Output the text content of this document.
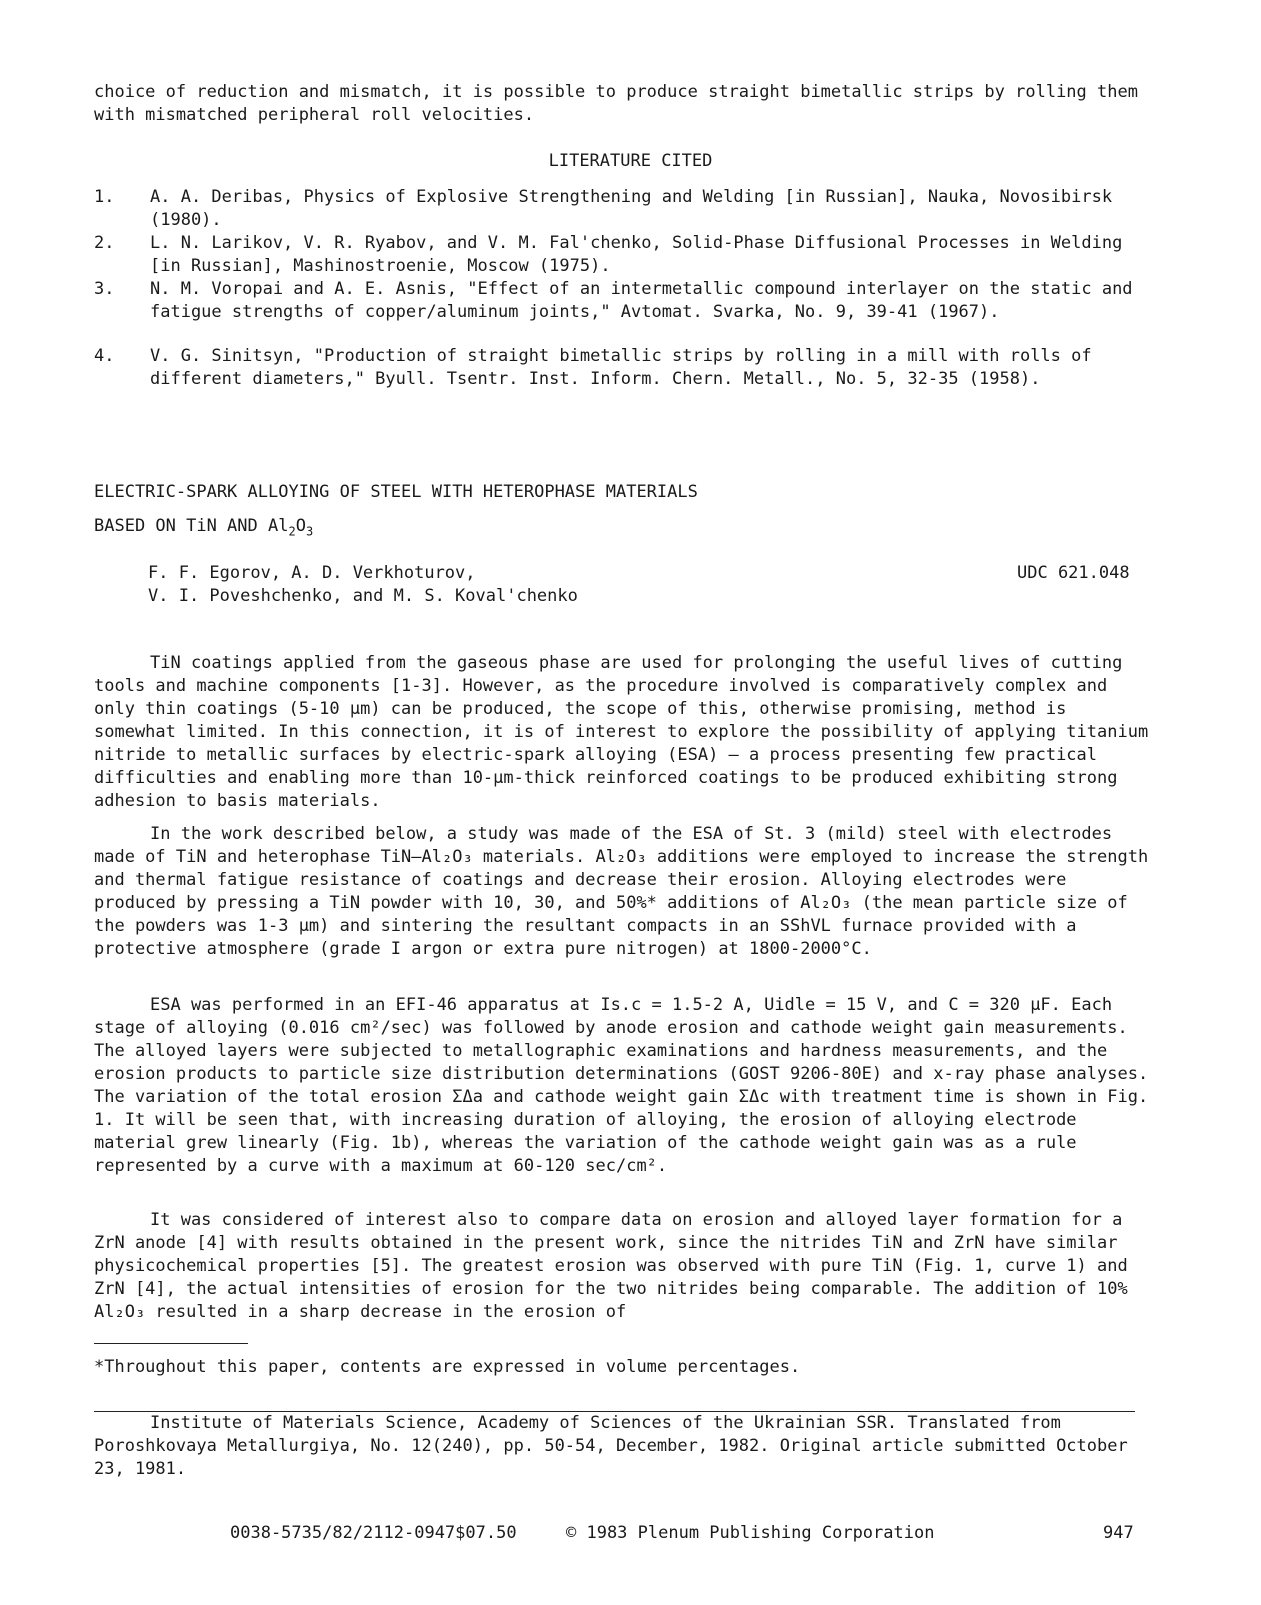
choice of reduction and mismatch, it is possible to produce straight bimetallic strips by rolling them with mismatched peripheral roll velocities.

LITERATURE CITED
1. A. A. Deribas, Physics of Explosive Strengthening and Welding [in Russian], Nauka, Novosibirsk (1980).
2. L. N. Larikov, V. R. Ryabov, and V. M. Fal'chenko, Solid-Phase Diffusional Processes in Welding [in Russian], Mashinostroenie, Moscow (1975).
3. N. M. Voropai and A. E. Asnis, "Effect of an intermetallic compound interlayer on the static and fatigue strengths of copper/aluminum joints," Avtomat. Svarka, No. 9, 39-41 (1967).
4. V. G. Sinitsyn, "Production of straight bimetallic strips by rolling in a mill with rolls of different diameters," Byull. Tsentr. Inst. Inform. Chern. Metall., No. 5, 32-35 (1958).
ELECTRIC-SPARK ALLOYING OF STEEL WITH HETEROPHASE MATERIALS
BASED ON TiN AND $Al_2O_3$
F. F. Egorov, A. D. Verkhoturov,
V. I. Poveshchenko, and M. S. Koval'chenko
UDC 621.048

TiN coatings applied from the gaseous phase are used for prolonging the useful lives of cutting tools and machine components [1-3]. However, as the procedure involved is comparatively complex and only thin coatings (5-10 μm) can be produced, the scope of this, otherwise promising, method is somewhat limited. In this connection, it is of interest to explore the possibility of applying titanium nitride to metallic surfaces by electric-spark alloying (ESA) — a process presenting few practical difficulties and enabling more than 10-μm-thick reinforced coatings to be produced exhibiting strong adhesion to basis materials.

In the work described below, a study was made of the ESA of St. 3 (mild) steel with electrodes made of TiN and heterophase TiN—Al₂O₃ materials. Al₂O₃ additions were employed to increase the strength and thermal fatigue resistance of coatings and decrease their erosion. Alloying electrodes were produced by pressing a TiN powder with 10, 30, and 50%* additions of Al₂O₃ (the mean particle size of the powders was 1-3 μm) and sintering the resultant compacts in an SShVL furnace provided with a protective atmosphere (grade I argon or extra pure nitrogen) at 1800-2000°C.

ESA was performed in an EFI-46 apparatus at Is.c = 1.5-2 A, Uidle = 15 V, and C = 320 μF. Each stage of alloying (0.016 cm²/sec) was followed by anode erosion and cathode weight gain measurements. The alloyed layers were subjected to metallographic examinations and hardness measurements, and the erosion products to particle size distribution determinations (GOST 9206-80E) and x-ray phase analyses. The variation of the total erosion ΣΔa and cathode weight gain ΣΔc with treatment time is shown in Fig. 1. It will be seen that, with increasing duration of alloying, the erosion of alloying electrode material grew linearly (Fig. 1b), whereas the variation of the cathode weight gain was as a rule represented by a curve with a maximum at 60-120 sec/cm².

It was considered of interest also to compare data on erosion and alloyed layer formation for a ZrN anode [4] with results obtained in the present work, since the nitrides TiN and ZrN have similar physicochemical properties [5]. The greatest erosion was observed with pure TiN (Fig. 1, curve 1) and ZrN [4], the actual intensities of erosion for the two nitrides being comparable. The addition of 10% Al₂O₃ resulted in a sharp decrease in the erosion of

*Throughout this paper, contents are expressed in volume percentages.

Institute of Materials Science, Academy of Sciences of the Ukrainian SSR. Translated from Poroshkovaya Metallurgiya, No. 12(240), pp. 50-54, December, 1982. Original article submitted October 23, 1981.

0038-5735/82/2112-0947$07.50	© 1983 Plenum Publishing Corporation	947
